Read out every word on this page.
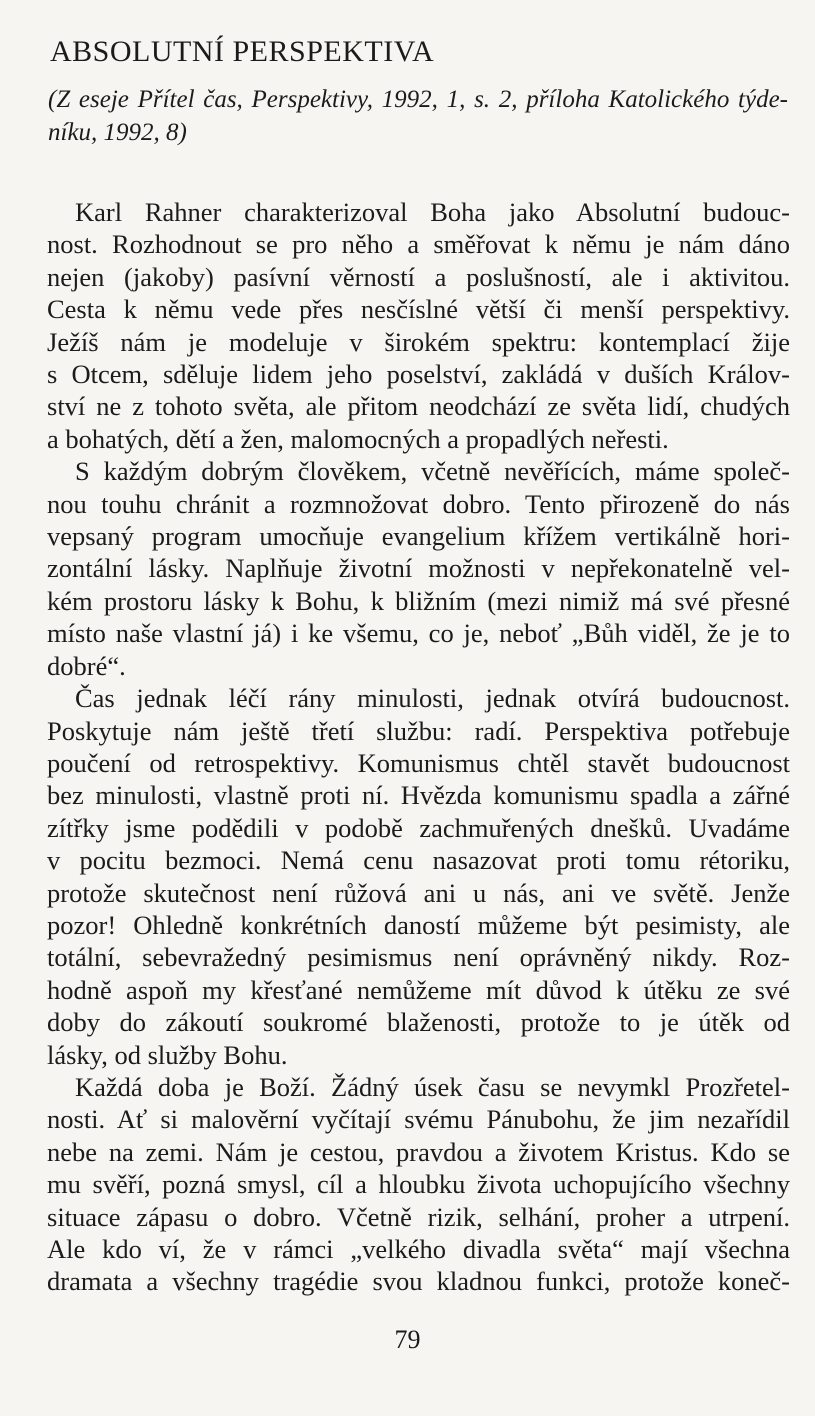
ABSOLUTNÍ PERSPEKTIVA
(Z eseje Přítel čas, Perspektivy, 1992, 1, s. 2, příloha Katolického týde-
níku, 1992, 8)
Karl Rahner charakterizoval Boha jako Absolutní budouc-
nost. Rozhodnout se pro něho a směřovat k němu je nám dáno
nejen (jakoby) pasívní věrností a poslušností, ale i aktivitou.
Cesta k němu vede přes nesčíslné větší či menší perspektivy.
Ježíš nám je modeluje v širokém spektru: kontemplací žije
s Otcem, sděluje lidem jeho poselství, zakládá v duších Králov-
ství ne z tohoto světa, ale přitom neodchází ze světa lidí, chudých
a bohatých, dětí a žen, malomocných a propadlých neřesti.
S každým dobrým člověkem, včetně nevěřících, máme společ-
nou touhu chránit a rozmnožovat dobro. Tento přirozeně do nás
vepsaný program umocňuje evangelium křížem vertikálně hori-
zontální lásky. Naplňuje životní možnosti v nepřekonatelně vel-
kém prostoru lásky k Bohu, k bližním (mezi nimiž má své přesné
místo naše vlastní já) i ke všemu, co je, neboť „Bůh viděl, že je to
dobré“.
Čas jednak léčí rány minulosti, jednak otvírá budoucnost.
Poskytuje nám ještě třetí službu: radí. Perspektiva potřebuje
poučení od retrospektivy. Komunismus chtěl stavět budoucnost
bez minulosti, vlastně proti ní. Hvězda komunismu spadla a zářné
zítřky jsme podědili v podobě zachmuřených dnešků. Uvadáme
v pocitu bezmoci. Nemá cenu nasazovat proti tomu rétoriku,
protože skutečnost není růžová ani u nás, ani ve světě. Jenže
pozor! Ohledně konkrétních daností můžeme být pesimisty, ale
totální, sebevražedný pesimismus není oprávněný nikdy. Roz-
hodně aspoň my křesťané nemůžeme mít důvod k útěku ze své
doby do zákoutí soukromé blaženosti, protože to je útěk od
lásky, od služby Bohu.
Každá doba je Boží. Žádný úsek času se nevymkl Prozřetel-
nosti. Ať si malověrní vyčítají svému Pánubohu, že jim nezařídil
nebe na zemi. Nám je cestou, pravdou a životem Kristus. Kdo se
mu svěří, pozná smysl, cíl a hloubku života uchopujícího všechny
situace zápasu o dobro. Včetně rizik, selhání, proher a utrpení.
Ale kdo ví, že v rámci „velkého divadla světa“ mají všechna
dramata a všechny tragédie svou kladnou funkci, protože koneč-
79
